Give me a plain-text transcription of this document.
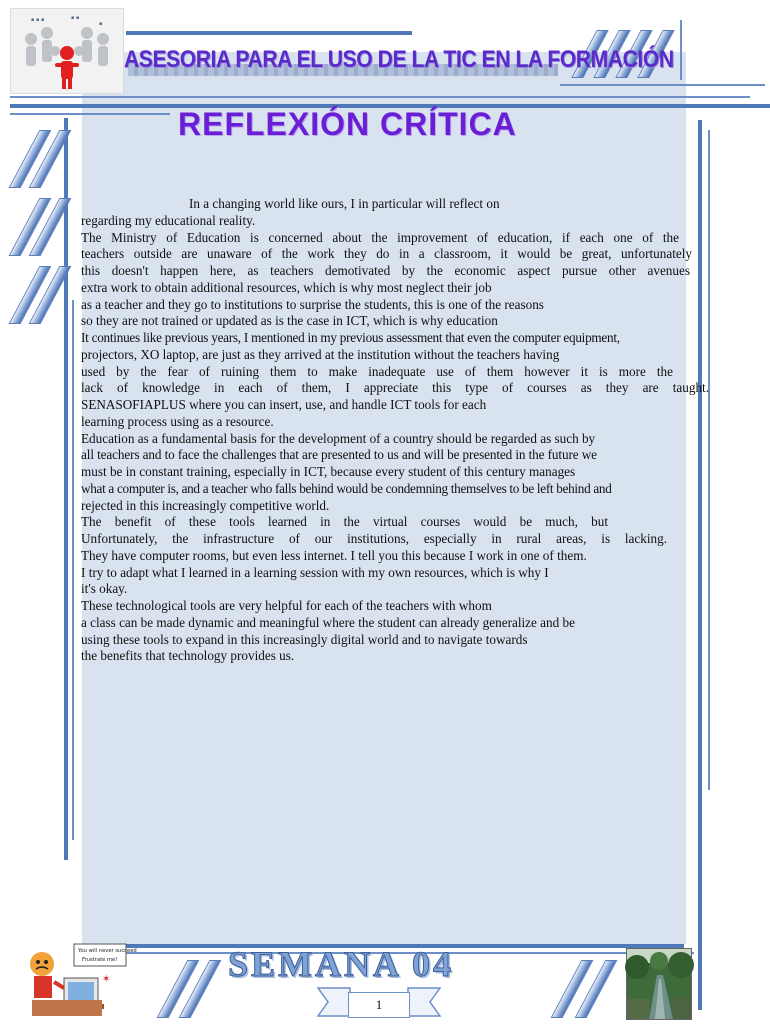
▪ ▪ ▪	▪ ▪
▪
ASESORIA PARA EL USO DE LA TIC EN LA FORMACIÓN
REFLEXIÓN CRÍTICA
In a changing world like ours, I in particular will reflect on
regarding my educational reality.
The Ministry of Education is concerned about the improvement of education, if each one of the
teachers outside are unaware of the work they do in a classroom, it would be great, unfortunately
this doesn't happen here, as teachers demotivated by the economic aspect pursue other avenues
extra work to obtain additional resources, which is why most neglect their job
as a teacher and they go to institutions to surprise the students, this is one of the reasons
so they are not trained or updated as is the case in ICT, which is why education
It continues like previous years, I mentioned in my previous assessment that even the computer equipment,
projectors, XO laptop, are just as they arrived at the institution without the teachers having
used by the fear of ruining them to make inadequate use of them however it is more the
lack of knowledge in each of them, I appreciate this type of courses as they are taught.
SENASOFIAPLUS where you can insert, use, and handle ICT tools for each
learning process using as a resource.
Education as a fundamental basis for the development of a country should be regarded as such by
all teachers and to face the challenges that are presented to us and will be presented in the future we
must be in constant training, especially in ICT, because every student of this century manages
what a computer is, and a teacher who falls behind would be condemning themselves to be left behind and
rejected in this increasingly competitive world.
The benefit of these tools learned in the virtual courses would be much, but
Unfortunately, the infrastructure of our institutions, especially in rural areas, is lacking.
They have computer rooms, but even less internet. I tell you this because I work in one of them.
I try to adapt what I learned in a learning session with my own resources, which is why I
it's okay.
These technological tools are very helpful for each of the teachers with whom
a class can be made dynamic and meaningful where the student can already generalize and be
using these tools to expand in this increasingly digital world and to navigate towards
the benefits that technology provides us.
You will never succeed
Frustrate me!
✶	SEMANA 04
1
